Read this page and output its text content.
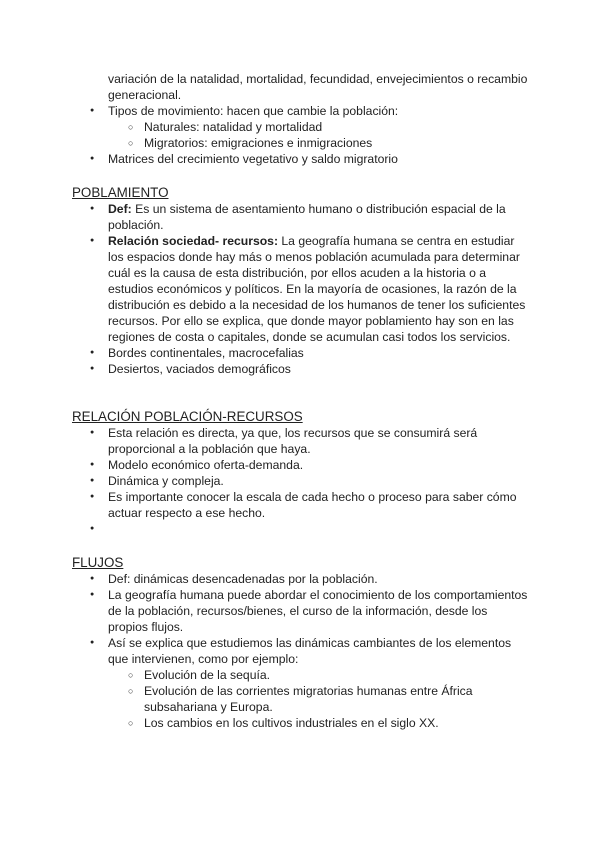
variación de la natalidad, mortalidad, fecundidad, envejecimientos o recambio generacional.
● Tipos de movimiento: hacen que cambie la población:
○ Naturales: natalidad y mortalidad
○ Migratorios: emigraciones e inmigraciones
● Matrices del crecimiento vegetativo y saldo migratorio
POBLAMIENTO
● Def: Es un sistema de asentamiento humano o distribución espacial de la población.
● Relación sociedad- recursos: La geografía humana se centra en estudiar los espacios donde hay más o menos población acumulada para determinar cuál es la causa de esta distribución, por ellos acuden a la historia o a estudios económicos y políticos. En la mayoría de ocasiones, la razón de la distribución es debido a la necesidad de los humanos de tener los suficientes recursos. Por ello se explica, que donde mayor poblamiento hay son en las regiones de costa o capitales, donde se acumulan casi todos los servicios.
● Bordes continentales, macrocefalias
● Desiertos, vaciados demográficos
RELACIÓN POBLACIÓN-RECURSOS
● Esta relación es directa, ya que, los recursos que se consumirá será proporcional a la población que haya.
● Modelo económico oferta-demanda.
● Dinámica y compleja.
● Es importante conocer la escala de cada hecho o proceso para saber cómo actuar respecto a ese hecho.
●
FLUJOS
● Def: dinámicas desencadenadas por la población.
● La geografía humana puede abordar el conocimiento de los comportamientos de la población, recursos/bienes, el curso de la información, desde los propios flujos.
● Así se explica que estudiemos las dinámicas cambiantes de los elementos que intervienen, como por ejemplo:
○ Evolución de la sequía.
○ Evolución de las corrientes migratorias humanas entre África subsahariana y Europa.
○ Los cambios en los cultivos industriales en el siglo XX.
